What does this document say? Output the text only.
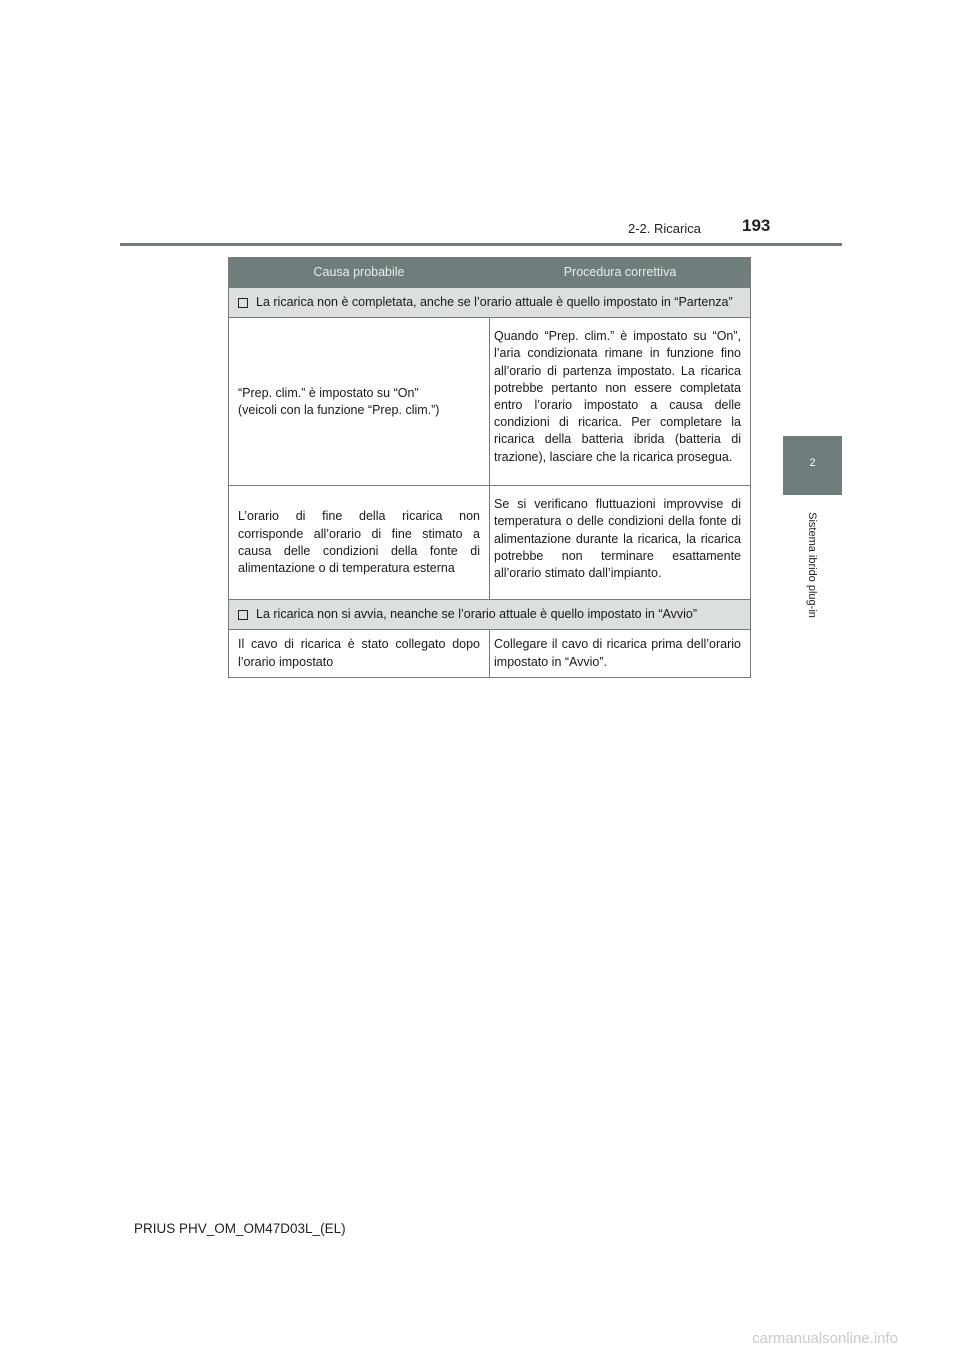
2-2. Ricarica 193
2
Sistema ibrido plug-in
Causa probabile	Procedura correttiva

La ricarica non è completata, anche se l’orario attuale è quello impostato in “Partenza”	

“Prep. clim.” è impostato su “On”
(veicoli con la funzione “Prep. clim.”)	Quando “Prep. clim.” è impostato su “On”, l’aria condizionata rimane in funzione fino all’orario di partenza impostato. La ricarica potrebbe pertanto non essere completata entro l’orario impostato a causa delle condizioni di ricarica. Per completare la ricarica della batteria ibrida (batteria di trazione), lasciare che la ricarica prosegua.
L’orario di fine della ricarica non corrisponde all’orario di fine stimato a causa delle condizioni della fonte di alimentazione o di temperatura esterna	Se si verificano fluttuazioni improvvise di temperatura o delle condizioni della fonte di alimentazione durante la ricarica, la ricarica potrebbe non terminare esattamente all’orario stimato dall’impianto.

La ricarica non si avvia, neanche se l’orario attuale è quello impostato in “Avvio”	

Il cavo di ricarica è stato collegato dopo l’orario impostato	Collegare il cavo di ricarica prima dell’orario impostato in “Avvio”.
PRIUS PHV_OM_OM47D03L_(EL)
carmanualsonline.info
